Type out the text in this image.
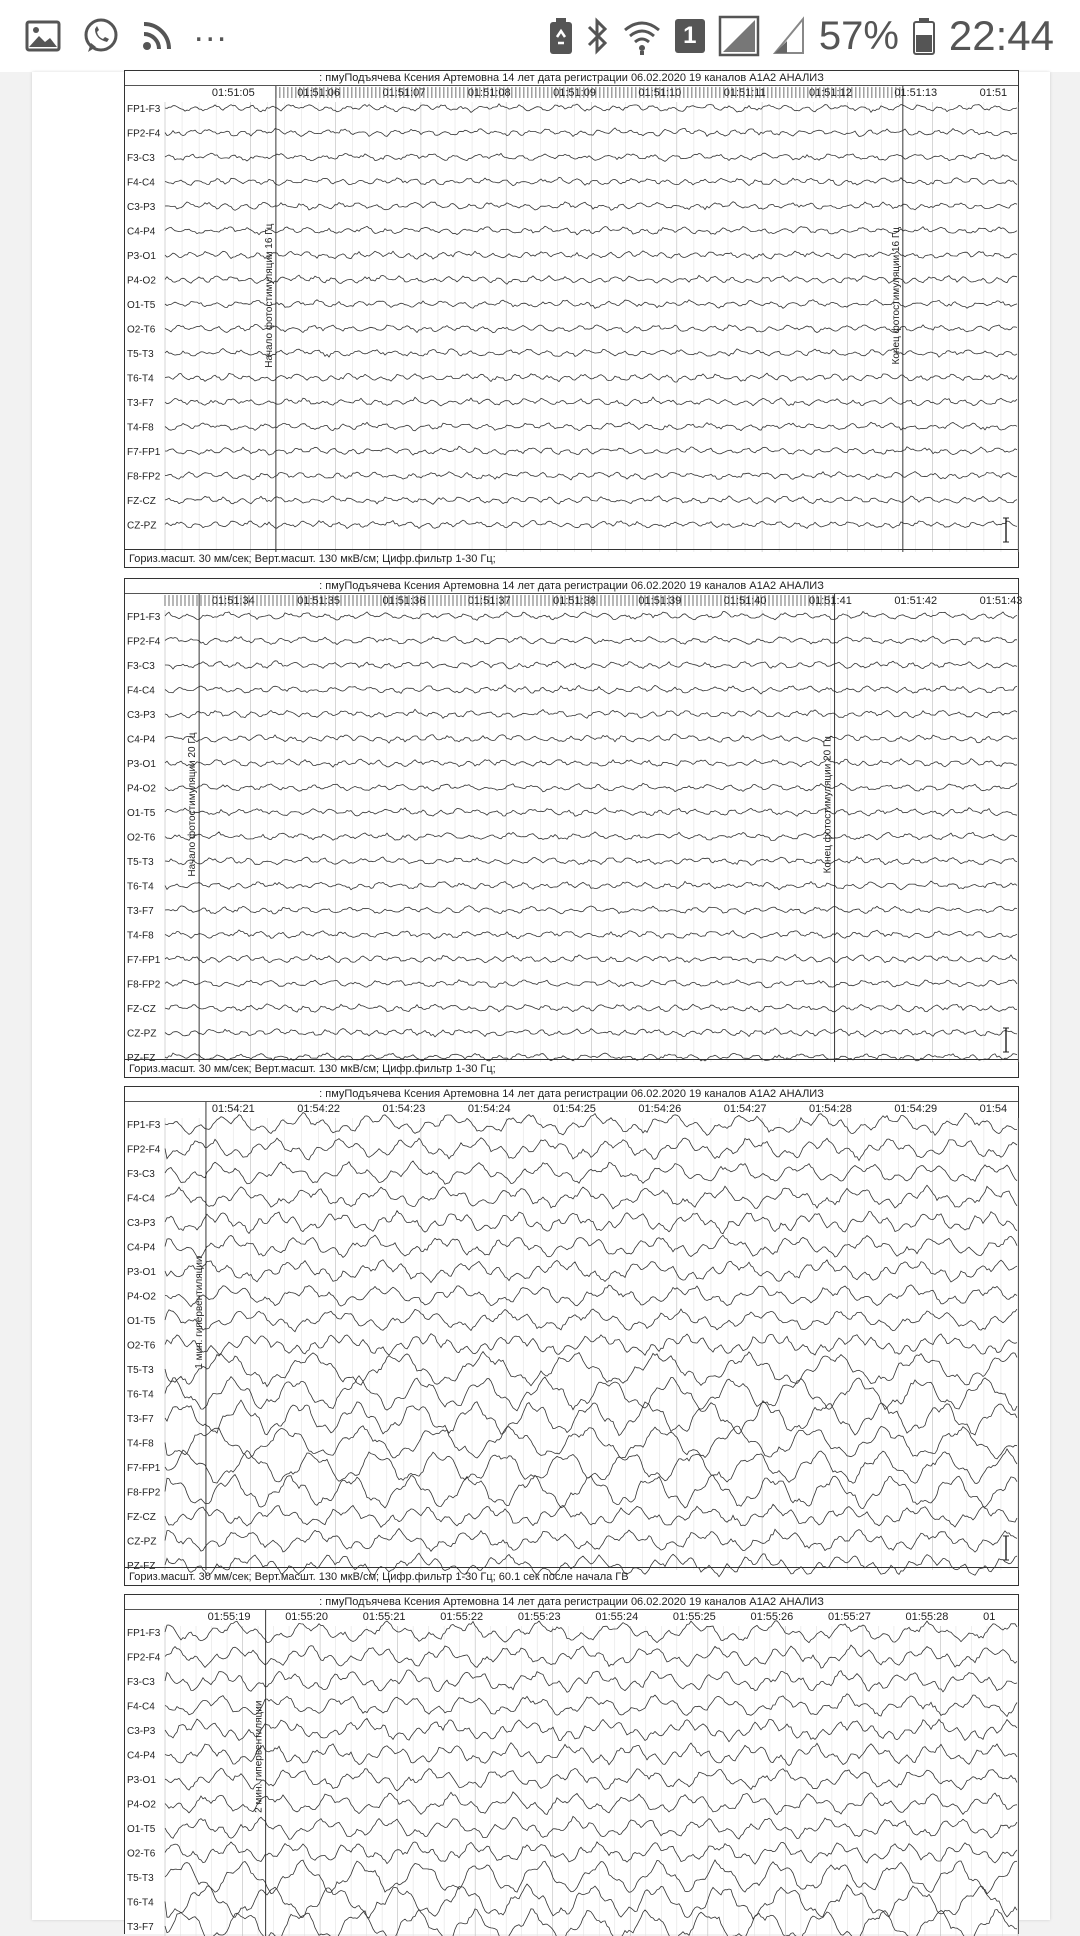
...	1	57% 22:44
: пмуПодъячева Ксения Артемовна 14 лет дата регистрации 06.02.2020 19 каналов А1А2 АНАЛИЗ
01:51:05	01:51:06	01:51:07	01:51:08	01:51:09	01:51:10	01:51:11	01:51:12	01:51:13	01:51
FP1-F3
FP2-F4
F3-C3
F4-C4
C3-P3
C4-P4
P3-O1
P4-O2
O1-T5
O2-T6
T5-T3
T6-T4
T3-F7
T4-F8
F7-FP1
F8-FP2
FZ-CZ
CZ-PZ
Начало фотостимуляции 16 Гц	Конец фотостимуляции 16 Гц
Гориз.масшт. 30 мм/сек; Верт.масшт. 130 мкВ/см; Цифр.фильтр 1-30 Гц;
: пмуПодъячева Ксения Артемовна 14 лет дата регистрации 06.02.2020 19 каналов А1А2 АНАЛИЗ
01:51:34	01:51:35	01:51:36	01:51:37	01:51:38	01:51:39	01:51:40	01:51:41	01:51:42	01:51:43
FP1-F3
FP2-F4
F3-C3
F4-C4
C3-P3
C4-P4
P3-O1
P4-O2
O1-T5
O2-T6
T5-T3
T6-T4
T3-F7
T4-F8
F7-FP1
F8-FP2
FZ-CZ
CZ-PZ
PZ-FZ
Начало фотостимуляции 20 Гц	Конец фотостимуляции 20 Гц
Гориз.масшт. 30 мм/сек; Верт.масшт. 130 мкВ/см; Цифр.фильтр 1-30 Гц;
: пмуПодъячева Ксения Артемовна 14 лет дата регистрации 06.02.2020 19 каналов А1А2 АНАЛИЗ
01:54:21	01:54:22	01:54:23	01:54:24	01:54:25	01:54:26	01:54:27	01:54:28	01:54:29	01:54
FP1-F3
FP2-F4
F3-C3
F4-C4
C3-P3
C4-P4
P3-O1
P4-O2
O1-T5
O2-T6
T5-T3
T6-T4
T3-F7
T4-F8
F7-FP1
F8-FP2
FZ-CZ
CZ-PZ
PZ-FZ
1 мин. гипервентиляции
Гориз.масшт. 30 мм/сек; Верт.масшт. 130 мкВ/см; Цифр.фильтр 1-30 Гц; 60.1 сек после начала ГВ
: пмуПодъячева Ксения Артемовна 14 лет дата регистрации 06.02.2020 19 каналов А1А2 АНАЛИЗ
01:55:19	01:55:20	01:55:21	01:55:22	01:55:23	01:55:24	01:55:25	01:55:26	01:55:27	01:55:28	01
FP1-F3
FP2-F4
F3-C3
F4-C4
C3-P3
C4-P4
P3-O1
P4-O2
O1-T5
O2-T6
T5-T3
T6-T4
T3-F7
2 мин. гипервентиляции
